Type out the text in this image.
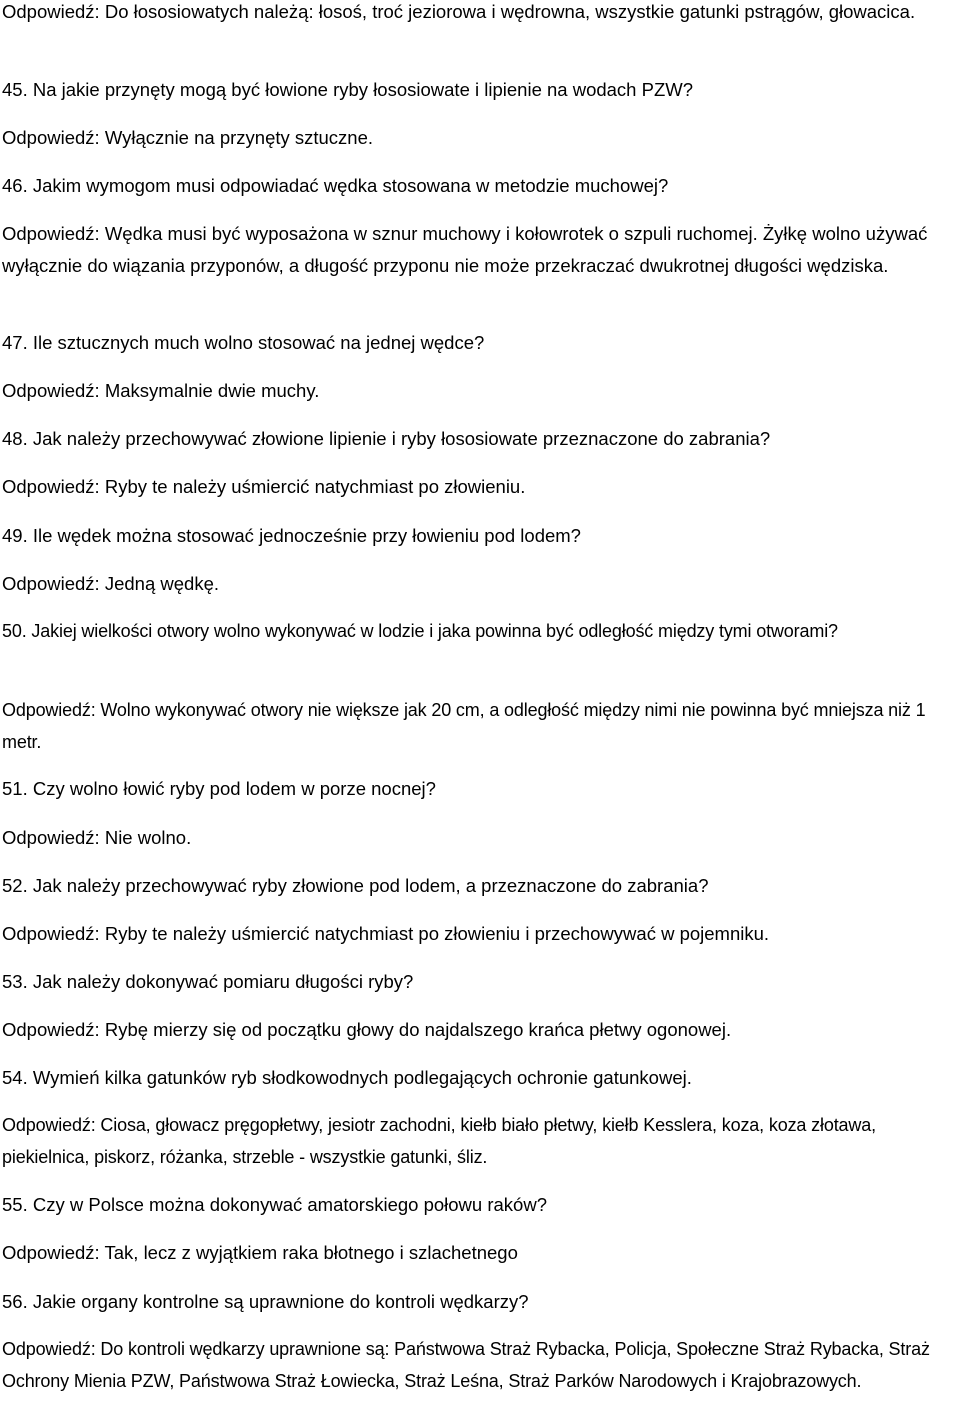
Odpowiedź: Do łososiowatych należą: łosoś, troć jeziorowa i wędrowna, wszystkie gatunki pstrągów, głowacica.

45. Na jakie przynęty mogą być łowione ryby łososiowate i lipienie na wodach PZW?

Odpowiedź: Wyłącznie na przynęty sztuczne.

46. Jakim wymogom musi odpowiadać wędka stosowana w metodzie muchowej?

Odpowiedź: Wędka musi być wyposażona w sznur muchowy i kołowrotek o szpuli ruchomej. Żyłkę wolno używać wyłącznie do wiązania przyponów, a długość przyponu nie może przekraczać dwukrotnej długości wędziska.

47. Ile sztucznych much wolno stosować na jednej wędce?

Odpowiedź: Maksymalnie dwie muchy.

48. Jak należy przechowywać złowione lipienie i ryby łososiowate przeznaczone do zabrania?

Odpowiedź: Ryby te należy uśmiercić natychmiast po złowieniu.

49. Ile wędek można stosować jednocześnie przy łowieniu pod lodem?

Odpowiedź: Jedną wędkę.

50. Jakiej wielkości otwory wolno wykonywać w lodzie i jaka powinna być odległość między tymi otworami?

Odpowiedź: Wolno wykonywać otwory nie większe jak 20 cm, a odległość między nimi nie powinna być mniejsza niż 1 metr.

51. Czy wolno łowić ryby pod lodem w porze nocnej?

Odpowiedź: Nie wolno.

52. Jak należy przechowywać ryby złowione pod lodem, a przeznaczone do zabrania?

Odpowiedź: Ryby te należy uśmiercić natychmiast po złowieniu i przechowywać w pojemniku.

53. Jak należy dokonywać pomiaru długości ryby?

Odpowiedź: Rybę mierzy się od początku głowy do najdalszego krańca płetwy ogonowej.

54. Wymień kilka gatunków ryb słodkowodnych podlegających ochronie gatunkowej.

Odpowiedź: Ciosa, głowacz pręgopłetwy, jesiotr zachodni, kiełb biało płetwy, kiełb Kesslera, koza, koza złotawa, piekielnica, piskorz, różanka, strzeble - wszystkie gatunki, śliz.

55. Czy w Polsce można dokonywać amatorskiego połowu raków?

Odpowiedź: Tak, lecz z wyjątkiem raka błotnego i szlachetnego

56. Jakie organy kontrolne są uprawnione do kontroli wędkarzy?

Odpowiedź: Do kontroli wędkarzy uprawnione są: Państwowa Straż Rybacka, Policja, Społeczne Straż Rybacka, Straż Ochrony Mienia PZW, Państwowa Straż Łowiecka, Straż Leśna, Straż Parków Narodowych i Krajobrazowych.
